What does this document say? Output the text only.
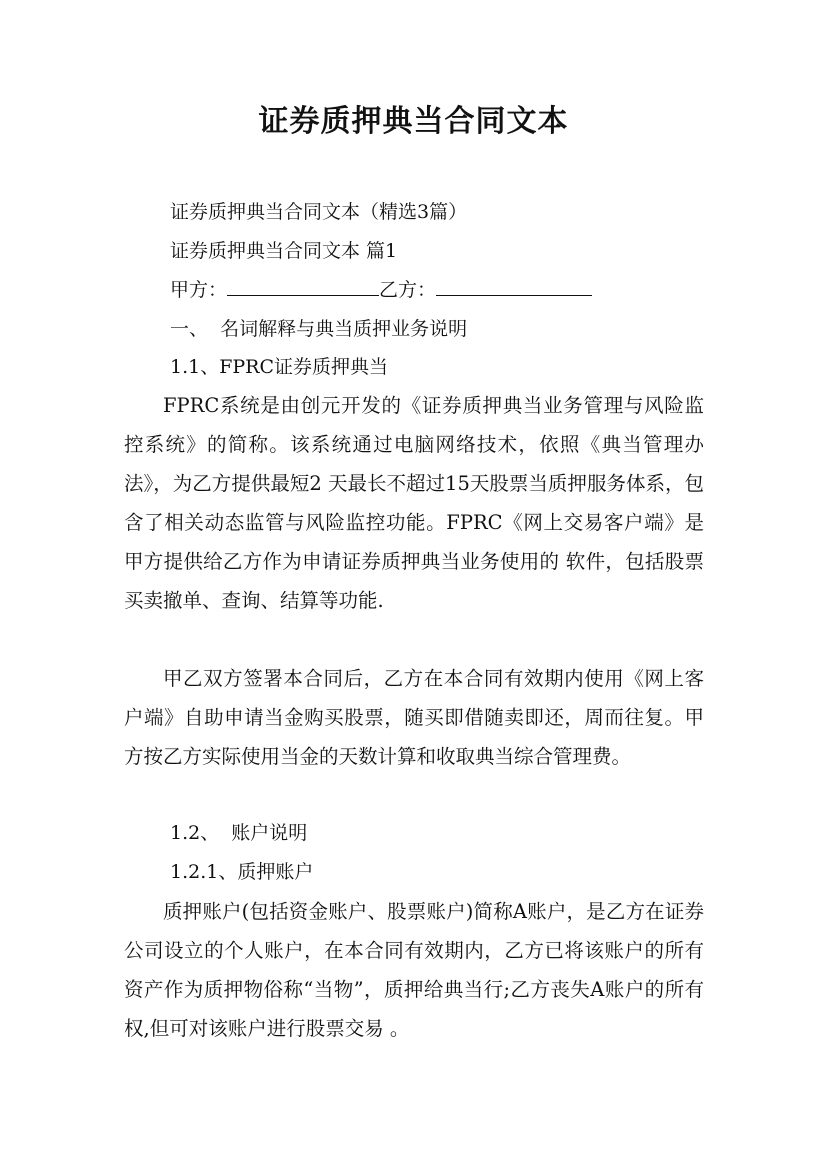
证券质押典当合同文本
证券质押典当合同文本（精选3篇）
证券质押典当合同文本 篇1
甲方：	乙方：
一、  名词解释与典当质押业务说明
1.1、FPRC证券质押典当
FPRC系统是由创元开发的《证券质押典当业务管理与风险监控系统》的简称。该系统通过电脑网络技术，依照《典当管理办法》，为乙方提供最短2 天最长不超过15天股票当质押服务体系，包含了相关动态监管与风险监控功能。FPRC《网上交易客户端》是甲方提供给乙方作为申请证券质押典当业务使用的 软件，包括股票买卖撤单、查询、结算等功能.
甲乙双方签署本合同后，乙方在本合同有效期内使用《网上客户端》自助申请当金购买股票，随买即借随卖即还，周而往复。甲方按乙方实际使用当金的天数计算和收取典当综合管理费。
1.2、  账户说明
1.2.1、质押账户
质押账户(包括资金账户、股票账户)简称A账户，是乙方在证券公司设立的个人账户，在本合同有效期内，乙方已将该账户的所有资产作为质押物俗称“当物”，质押给典当行;乙方丧失A账户的所有权,但可对该账户进行股票交易 。
